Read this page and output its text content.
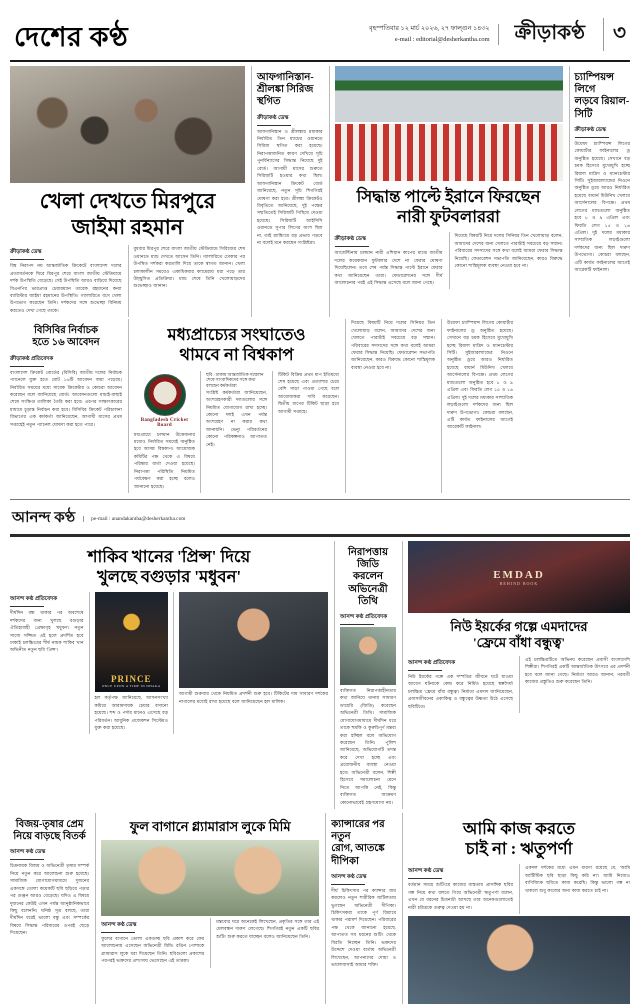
দেশের কণ্ঠ	বৃহস্পতিবার ১২ মার্চ ২০২৬, ২৭ ফাল্গুন ১৪৩২
e-mail : editorial@desherkantha.com	ক্রীড়াকণ্ঠ	৩
খেলা দেখতে মিরপুরে
জাইমা রহমান
ক্রীড়াকণ্ঠ ডেস্ক

বিশ্ব নিরাপদ নয় আন্তর্জাতিক ক্রিকেটে বাংলাদেশ দলের প্রত্যাবর্তনকে ঘিরে মিরপুর শেরে বাংলা জাতীয় স্টেডিয়ামে দর্শক উপস্থিতি বেড়েছে। সেই উপস্থিতি আরও বাড়িয়ে দিয়েছে বিএনপির ভারপ্রাপ্ত চেয়ারম্যান তারেক রহমানের কন্যা ব্যারিস্টার জাইমা রহমানের উপস্থিতি। গ্যালারিতে বসে খেলা উপভোগ করেছেন তিনি। দর্শকদের সঙ্গে শুভেচ্ছা বিনিময় করতেও দেখা গেছে তাকে।

বুধবার মিরপুর শেরে বাংলা জাতীয় স্টেডিয়ামে সিরিজের শেষ ওয়ানডে ম্যাচ দেখতে আসেন তিনি। গ্যালারিতে ঢোকার পর উপস্থিত দর্শকরা করতালি দিয়ে তাকে স্বাগত জানান। খেলা চলাকালীন সময়েও একাধিকবার ক্যামেরায় ধরা পড়ে তার উচ্ছ্বসিত প্রতিক্রিয়া। ম্যাচ শেষে তিনি খেলোয়াড়দের শুভেচ্ছাও জানান।

আফগানিস্তান-শ্রীলঙ্কা সিরিজ স্থগিত
ক্রীড়াকণ্ঠ ডেস্ক

আফগানিস্তান ও শ্রীলঙ্কার মধ্যকার নির্ধারিত তিন ম্যাচের ওয়ানডে সিরিজ স্থগিত করা হয়েছে। নিরাপত্তাজনিত কারণ দেখিয়ে সূচি পুনর্বিন্যাসের সিদ্ধান্ত নিয়েছে দুই বোর্ড। আগামী মাসের শুরুতে সিরিজটি হওয়ার কথা ছিল। আফগানিস্তান ক্রিকেট বোর্ড জানিয়েছে, নতুন সূচি শিগগিরই ঘোষণা করা হবে। শ্রীলঙ্কা ক্রিকেটও বিবৃতিতে জানিয়েছে, দুই পক্ষের সম্মতিতেই সিরিজটি পিছিয়ে দেওয়া হয়েছে। সিরিজটি আইসিসি ওয়ানডে সুপার লিগের অংশ ছিল না, তাই র‍্যাঙ্কিংয়ে বড় প্রভাব পড়বে না বলেই মনে করছেন সংশ্লিষ্টরা।

সিদ্ধান্ত পাল্টে ইরানে ফিরছেন
নারী ফুটবলাররা
ক্রীড়াকণ্ঠ ডেস্ক

আর্জেন্টিনায় চলমান নারী এশিয়ান কাপের মাঝে জাতীয় দলের কয়েকজন ফুটবলার দেশে না ফেরার ঘোষণা দিয়েছিলেন। তবে শেষ পর্যন্ত সিদ্ধান্ত পাল্টে ইরানে ফেরার কথা জানিয়েছেন তারা। ফেডারেশনের সঙ্গে দীর্ঘ আলোচনার পরই এই সিদ্ধান্ত এসেছে বলে জানা গেছে।

দিয়েছে বিষয়টি নিয়ে দলের সিনিয়র তিন খেলোয়াড় বলেন, আমাদের দেশের জন্য খেলতে পারাটাই সবচেয়ে বড় সম্মান। পরিবারের সদস্যদের সঙ্গে কথা বলেই আমরা ফেরার সিদ্ধান্ত নিয়েছি। ফেডারেশন সভাপতি জানিয়েছেন, কারও বিরুদ্ধে কোনো শাস্তিমূলক ব্যবস্থা নেওয়া হবে না।

চ্যাম্পিয়ন্স লিগে
লড়বে রিয়াল-সিটি
ক্রীড়াকণ্ঠ ডেস্ক

উয়েফা চ্যাম্পিয়ন্স লিগের কোয়ার্টার ফাইনালের ড্র অনুষ্ঠিত হয়েছে। সেখানে বড় চমক হিসেবে মুখোমুখি হচ্ছে রিয়াল মাদ্রিদ ও ম্যানচেস্টার সিটি। সুইজারল্যান্ডের নিওনে অনুষ্ঠিত ড্রয়ে আরও নির্ধারিত হয়েছে বায়ার্ন মিউনিখ খেলবে আর্সেনালের বিপক্ষে। প্রথম লেগের ম্যাচগুলো অনুষ্ঠিত হবে ৮ ও ৯ এপ্রিল এবং ফিরতি লেগ ১৫ ও ১৬ এপ্রিল। দুই দলের মধ্যকার সাম্প্রতিক লড়াইগুলো দর্শকদের জন্য ছিল দারুণ উপভোগ্য। কোচরা বলছেন, এটি কার্যত ফাইনালের আগেই আরেকটি ফাইনাল।

বিসিবির নির্বাচক
হতে ১৬ আবেদন
ক্রীড়াকণ্ঠ প্রতিবেদক

বাংলাদেশ ক্রিকেট বোর্ডের (বিসিবি) জাতীয় দলের নির্বাচক প্যানেলে যুক্ত হতে মোট ১৬টি আবেদন জমা পড়েছে। নির্ধারিত সময়ের মধ্যে সাবেক ক্রিকেটার ও কোচরা আবেদন করেছেন বলে জানিয়েছে বোর্ড। আবেদনগুলো যাচাই-বাছাই শেষে সংক্ষিপ্ত তালিকা তৈরি করা হবে। এরপর সাক্ষাৎকারের মাধ্যমে চূড়ান্ত নির্বাচন করা হবে। বিসিবির ক্রিকেট পরিচালনা বিভাগের এক কর্মকর্তা জানিয়েছেন, আগামী মাসের প্রথম সপ্তাহেই নতুন প্যানেল ঘোষণা করা হতে পারে।

মধ্যপ্রাচ্যের সংঘাতেও
থামবে না বিশ্বকাপ
Bangladesh Cricket Board

মধ্যপ্রাচ্যে চলমান উত্তেজনার মধ্যেও নির্ধারিত সময়েই অনুষ্ঠিত হবে আসন্ন বিশ্বকাপ। আয়োজক কমিটির পক্ষ থেকে এ বিষয়ে পরিষ্কার বার্তা দেওয়া হয়েছে। নিরাপত্তা পরিস্থিতি নিয়মিত পর্যবেক্ষণ করা হচ্ছে বলেও জানানো হয়েছে।

ছবি : ঢাকায় আন্তর্জাতিক সম্মেলন শেষে সাংবাদিকদের সঙ্গে কথা বলছেন কর্মকর্তারা

সংশ্লিষ্ট কর্মকর্তারা জানিয়েছেন, অংশগ্রহণকারী দলগুলোর সঙ্গে নিয়মিত যোগাযোগ রাখা হচ্ছে। কোনো দলই এখন পর্যন্ত অংশগ্রহণ না করার কথা জানায়নি। ভেন্যু পরিবর্তনের কোনো পরিকল্পনাও আপাতত নেই।

টিকিট বিক্রির প্রথম ধাপ ইতিমধ্যে শেষ হয়েছে এবং প্রত্যাশার চেয়ে বেশি সাড়া পাওয়া গেছে বলে আয়োজকরা দাবি করেছেন। দ্বিতীয় ধাপের টিকিট ছাড়া হবে আগামী সপ্তাহে।

দিয়েছে বিষয়টি নিয়ে দলের সিনিয়র তিন খেলোয়াড় বলেন, আমাদের দেশের জন্য খেলতে পারাটাই সবচেয়ে বড় সম্মান। পরিবারের সদস্যদের সঙ্গে কথা বলেই আমরা ফেরার সিদ্ধান্ত নিয়েছি। ফেডারেশন সভাপতি জানিয়েছেন, কারও বিরুদ্ধে কোনো শাস্তিমূলক ব্যবস্থা নেওয়া হবে না।

উয়েফা চ্যাম্পিয়ন্স লিগের কোয়ার্টার ফাইনালের ড্র অনুষ্ঠিত হয়েছে। সেখানে বড় চমক হিসেবে মুখোমুখি হচ্ছে রিয়াল মাদ্রিদ ও ম্যানচেস্টার সিটি। সুইজারল্যান্ডের নিওনে অনুষ্ঠিত ড্রয়ে আরও নির্ধারিত হয়েছে বায়ার্ন মিউনিখ খেলবে আর্সেনালের বিপক্ষে। প্রথম লেগের ম্যাচগুলো অনুষ্ঠিত হবে ৮ ও ৯ এপ্রিল এবং ফিরতি লেগ ১৫ ও ১৬ এপ্রিল। দুই দলের মধ্যকার সাম্প্রতিক লড়াইগুলো দর্শকদের জন্য ছিল দারুণ উপভোগ্য। কোচরা বলছেন, এটি কার্যত ফাইনালের আগেই আরেকটি ফাইনাল।

আনন্দ কণ্ঠ	pe-mail : anandakantha@desherkantha.com
শাকিব খানের 'প্রিন্স' দিয়ে
খুলছে বগুড়ার 'মধুবন'
আনন্দ কণ্ঠ প্রতিবেদক

দীর্ঘদিন বন্ধ থাকার পর অবশেষে দর্শকদের জন্য খুলছে বগুড়ার ঐতিহ্যবাহী প্রেক্ষাগৃহ 'মধুবন'। নতুন সাজে সজ্জিত এই হলে প্রদর্শিত হবে ঢাকাই চলচ্চিত্রের শীর্ষ নায়ক শাকিব খান অভিনীত নতুন ছবি 'প্রিন্স'।

PRINCE
ONCE UPON A TIME IN DHAKA

হল কর্তৃপক্ষ জানিয়েছে, আসনসংখ্যা কমিয়ে আরামদায়ক চেয়ার বসানো হয়েছে। শব্দ ও পর্দার মানেও এসেছে বড় পরিবর্তন। আধুনিক প্রজেকশন সিস্টেমও যুক্ত করা হয়েছে।

আগামী শুক্রবার থেকে নিয়মিত প্রদর্শনী শুরু হবে। টিকিটের দাম সাধারণ দর্শকের নাগালের মধ্যেই রাখা হয়েছে বলে জানিয়েছেন হল মালিক।

নিরাপত্তায় জিডি
করলেন অভিনেত্রী
তিথি
আনন্দ কণ্ঠ প্রতিবেদক

ব্যক্তিগত নিরাপত্তাহীনতার কথা জানিয়ে থানায় সাধারণ ডায়েরি (জিডি) করেছেন অভিনেত্রী তিথি। সামাজিক যোগাযোগমাধ্যমে দীর্ঘদিন ধরে তাকে হুমকি ও কুরুচিপূর্ণ মন্তব্য করা হচ্ছিল বলে অভিযোগ করেছেন তিনি। পুলিশ জানিয়েছে, অভিযোগটি তদন্ত করে দেখা হচ্ছে এবং প্রয়োজনীয় ব্যবস্থা নেওয়া হবে। অভিনেত্রী বলেন, শিল্পী হিসেবে সমালোচনা মেনে নিতে আপত্তি নেই, কিন্তু ব্যক্তিগত আক্রমণ কোনোভাবেই গ্রহণযোগ্য নয়।

EMDAD
BEHIND BOOK
নিউ ইয়র্কের গল্পে এমদাদের
'ফ্রেমে বাঁধা বন্ধুত্ব'
আনন্দ কণ্ঠ প্রতিবেদক

নিউ ইয়র্কের গল্পে এক দম্পতির জীবনে ঘটে যাওয়া আবেগ ঘটনাকে কেন্দ্র করে নির্মিত হয়েছে স্বল্পদৈর্ঘ্য চলচ্চিত্র 'ফ্রেমে বাঁধা বন্ধুত্ব'। নির্মাতা এমদাদ জানিয়েছেন, প্রবাসজীবনের একাকিত্ব ও বন্ধুত্বের উষ্ণতা উঠে এসেছে ছবিটিতে।

এই চলচ্চিত্রটিতে অভিনয় করেছেন প্রবাসী বাংলাদেশি শিল্পীরা। শিগগিরই একটি আন্তর্জাতিক উৎসবে এর প্রদর্শনী হবে বলে জানা গেছে। নির্মাতা আরও জানান, পরবর্তী কাজের প্রস্তুতিও শুরু করেছেন তিনি।

বিজয়-তৃষার প্রেম
নিয়ে বাড়ছে বিতর্ক
আনন্দ কণ্ঠ ডেস্ক

চিত্রনায়ক বিজয় ও অভিনেত্রী তৃষার সম্পর্ক নিয়ে নতুন করে আলোচনা শুরু হয়েছে। সামাজিক যোগাযোগমাধ্যমে দুজনের একসঙ্গে তোলা কয়েকটি ছবি ছড়িয়ে পড়ার পর গুঞ্জন আরও বেড়েছে। যদিও এ বিষয়ে দুজনের কেউই এখন পর্যন্ত আনুষ্ঠানিকভাবে কিছু বলেননি। ঘনিষ্ঠ সূত্র বলছে, তারা দীর্ঘদিন ধরেই ভালো বন্ধু এবং সম্পর্কের বিষয়ে সিদ্ধান্ত পরিবারের ওপরই ছেড়ে দিয়েছেন।

ফুল বাগানে গ্ল্যামারাস লুকে মিমি
আনন্দ কণ্ঠ ডেস্ক

ফুলের বাগানে তোলা একগুচ্ছ ছবি প্রকাশ করে ফের আলোচনায় এসেছেন অভিনেত্রী মিমি। রঙিন পোশাকে গ্ল্যামারাস লুকে ধরা দিয়েছেন তিনি। ছবিগুলো প্রকাশের পরপরই ভক্তদের প্রশংসায় ভেসেছেন এই তারকা।

মন্তব্যের ঘরে অনেকেই লিখেছেন, প্রকৃতির সঙ্গে তার এই মেলবন্ধন দারুণ লেগেছে। শিগগিরই নতুন একটি ছবির শুটিং শুরু করতে যাচ্ছেন বলেও জানিয়েছেন তিনি।

ক্যান্সারের পর নতুন
রোগ, আতঙ্কে দীপিকা
আনন্দ কণ্ঠ ডেস্ক

দীর্ঘ চিকিৎসার পর ক্যান্সার জয় করলেও নতুন শারীরিক জটিলতায় ভুগছেন অভিনেত্রী দীপিকা। চিকিৎসকরা তাকে পূর্ণ বিশ্রামে থাকার পরামর্শ দিয়েছেন। পরিবারের পক্ষ থেকে জানানো হয়েছে, আপাতত সব ধরনের শুটিং থেকে বিরতি নিচ্ছেন তিনি। ভক্তদের উদ্দেশে দেওয়া বার্তায় অভিনেত্রী লিখেছেন, আপনাদের দোয়া ও ভালোবাসাই আমার শক্তি।

আমি কাজ করতে
চাই না : ঋতুপর্ণা
আনন্দ কণ্ঠ ডেস্ক

বর্তমান সময়ে শুটিংয়ে কাজের ব্যস্ততায় প্রাসঙ্গিক ছবির গল্প নিয়ে কথা বলতে গিয়ে অভিনেত্রী ঋতুপর্ণা বলেন, এখন যে ধরনের চিত্রনাট্য আসছে তার অনেকগুলোতেই নারী চরিত্রকে গুরুত্ব দেওয়া হয় না।

একদল দর্শকের মধ্যে এমন ধারণা রয়েছে যে, 'আমি আর্টিস্টিক ছবি ছাড়া কিছু করি না'। আমি নিজেও বাণিজ্যিক ছবিতে কাজ করেছি। কিন্তু ভালো গল্প না থাকলে শুধু কাজের জন্য কাজ করতে চাই না।
